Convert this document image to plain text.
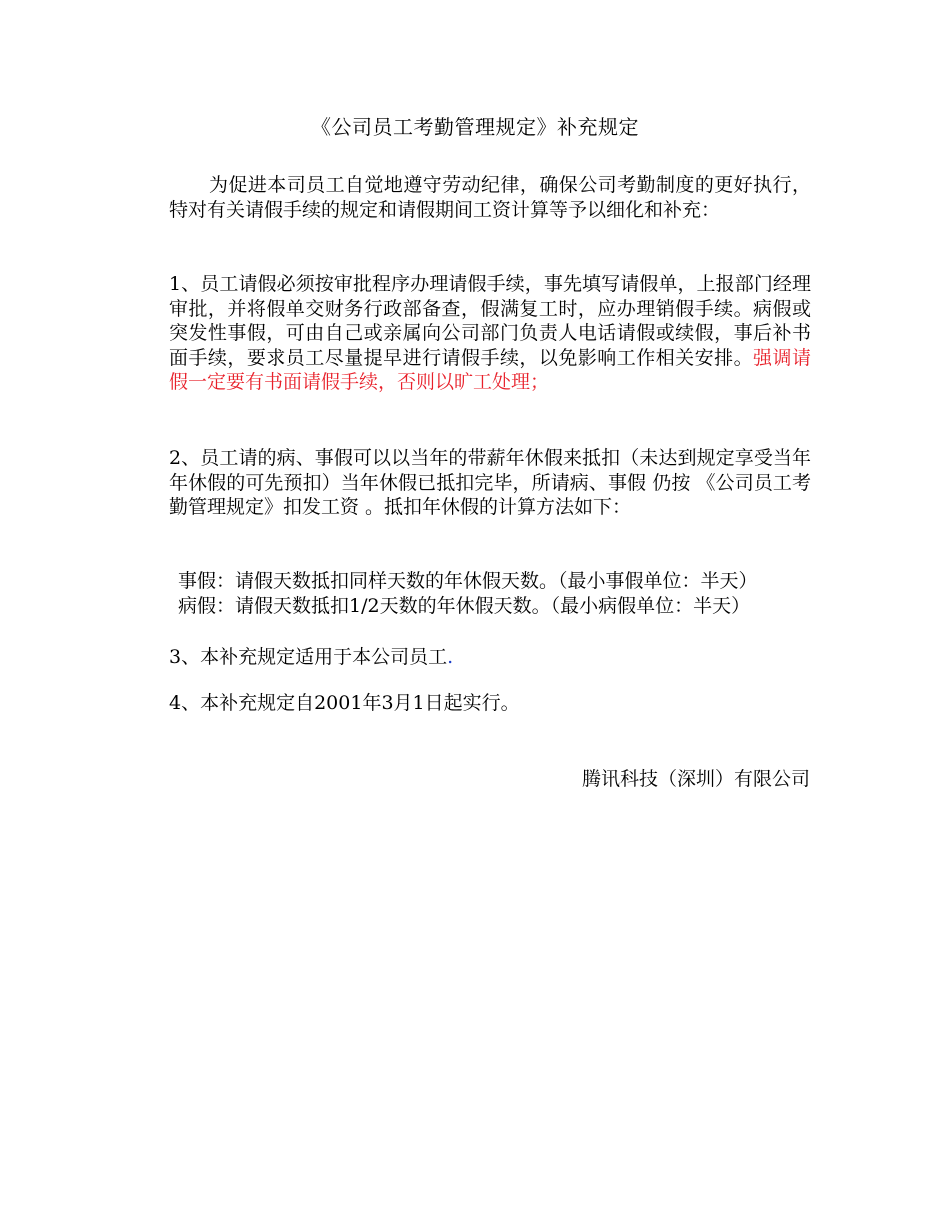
《公司员工考勤管理规定》补充规定

为促进本司员工自觉地遵守劳动纪律，确保公司考勤制度的更好执行，特对有关请假手续的规定和请假期间工资计算等予以细化和补充：

1、员工请假必须按审批程序办理请假手续，事先填写请假单，上报部门经理审批，并将假单交财务行政部备查，假满复工时，应办理销假手续。病假或突发性事假，可由自己或亲属向公司部门负责人电话请假或续假，事后补书面手续，要求员工尽量提早进行请假手续，以免影响工作相关安排。强调请假一定要有书面请假手续，否则以旷工处理；

2、员工请的病、事假可以以当年的带薪年休假来抵扣（未达到规定享受当年年休假的可先预扣）当年休假已抵扣完毕，所请病、事假 仍按 《公司员工考勤管理规定》扣发工资 。抵扣年休假的计算方法如下：

事假：请假天数抵扣同样天数的年休假天数。（最小事假单位：半天）

病假：请假天数抵扣1/2天数的年休假天数。（最小病假单位：半天）

3、本补充规定适用于本公司员工.

4、本补充规定自2001年3月1日起实行。

腾讯科技（深圳）有限公司
